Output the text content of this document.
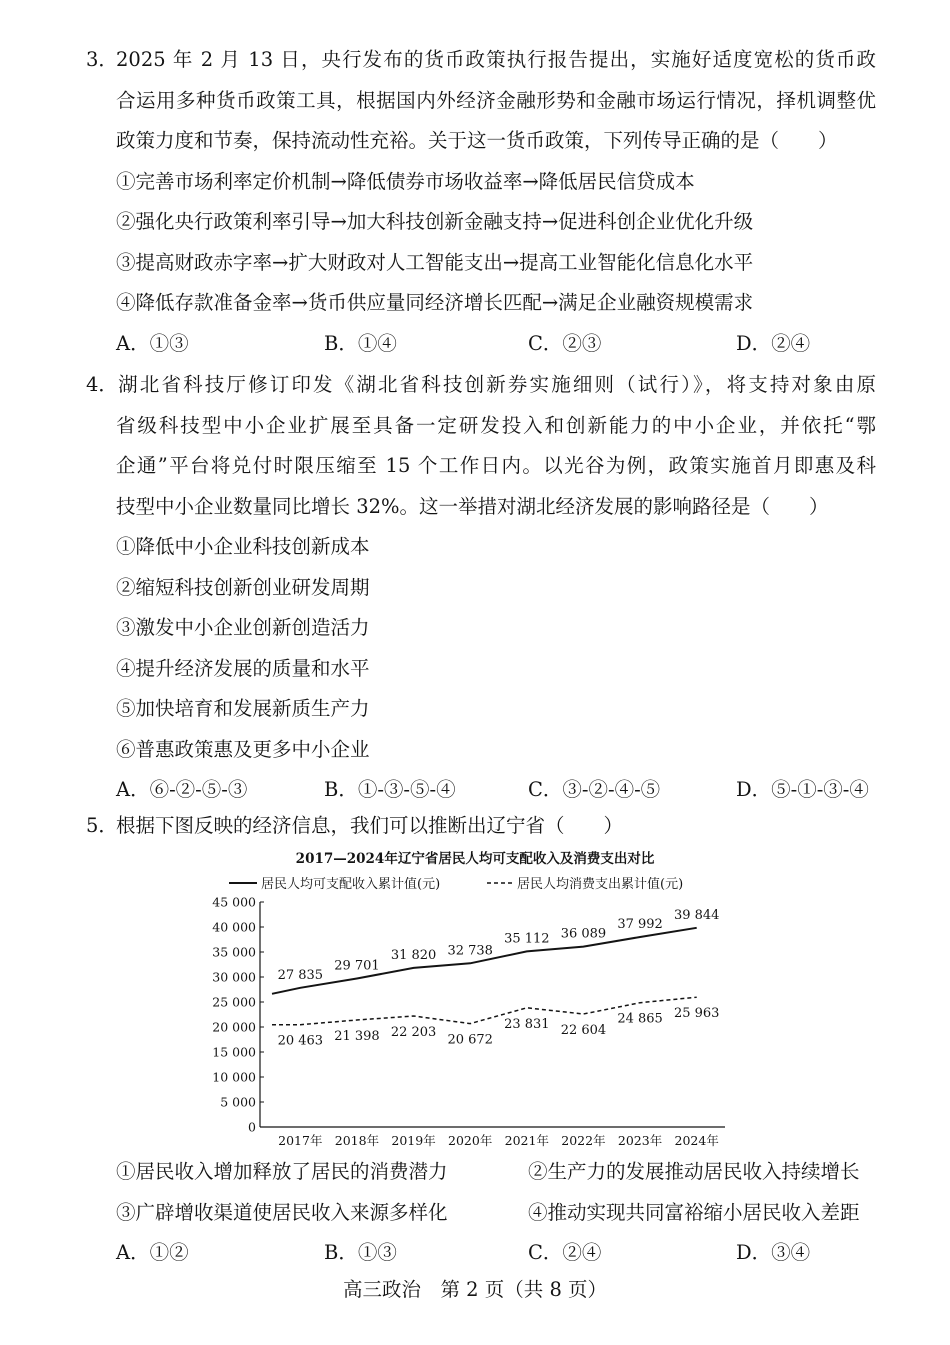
3．2025 年 2 月 13 日，央行发布的货币政策执行报告提出，实施好适度宽松的货币政
合运用多种货币政策工具，根据国内外经济金融形势和金融市场运行情况，择机调整优
政策力度和节奏，保持流动性充裕。关于这一货币政策，下列传导正确的是（　　）
①完善市场利率定价机制→降低债券市场收益率→降低居民信贷成本
②强化央行政策利率引导→加大科技创新金融支持→促进科创企业优化升级
③提高财政赤字率→扩大财政对人工智能支出→提高工业智能化信息化水平
④降低存款准备金率→货币供应量同经济增长匹配→满足企业融资规模需求
A．①③	B．①④	C．②③	D．②④
4．湖北省科技厅修订印发《湖北省科技创新券实施细则（试行）》，将支持对象由原
省级科技型中小企业扩展至具备一定研发投入和创新能力的中小企业，并依托“鄂
企通”平台将兑付时限压缩至 15 个工作日内。以光谷为例，政策实施首月即惠及科
技型中小企业数量同比增长 32%。这一举措对湖北经济发展的影响路径是（　　）
①降低中小企业科技创新成本
②缩短科技创新创业研发周期
③激发中小企业创新创造活力
④提升经济发展的质量和水平
⑤加快培育和发展新质生产力
⑥普惠政策惠及更多中小企业
A．⑥-②-⑤-③	B．①-③-⑤-④	C．③-②-④-⑤	D．⑤-①-③-④
5．根据下图反映的经济信息，我们可以推断出辽宁省（　　）
2017—2024年辽宁省居民人均可支配收入及消费支出对比
居民人均可支配收入累计值(元)	居民人均消费支出累计值(元)
0
5 000
10 000
15 000
20 000
25 000
30 000
35 000
40 000
45 000
2017年 2018年 2019年 2020年 2021年 2022年 2023年 2024年
27 835
29 701
31 820 32 738
35 112 36 089
37 992
39 844
20 463 21 398 22 203
20 672
23 831 22 604
24 865 25 963
①居民收入增加释放了居民的消费潜力	②生产力的发展推动居民收入持续增长
③广辟增收渠道使居民收入来源多样化	④推动实现共同富裕缩小居民收入差距
A．①②	B．①③	C．②④	D．③④
高三政治　第 2 页（共 8 页）
